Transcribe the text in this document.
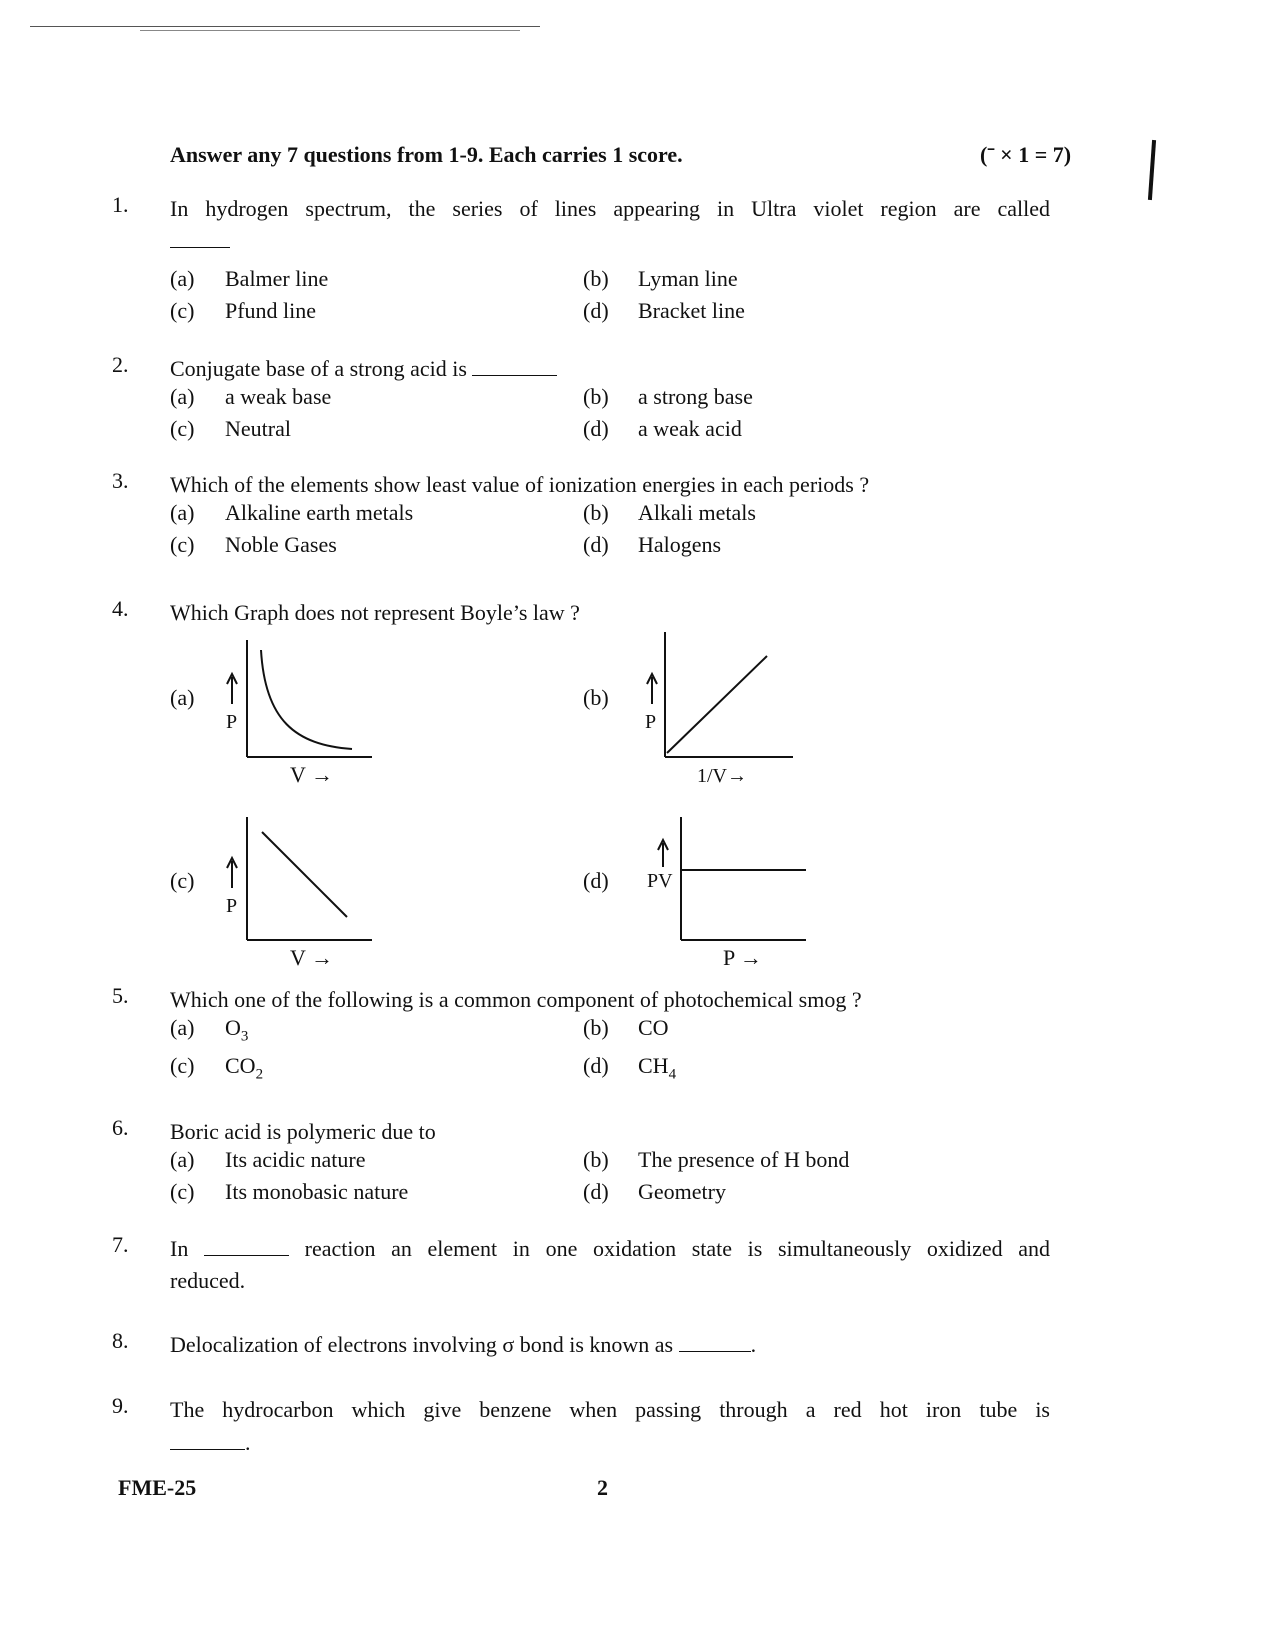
Answer any 7 questions from 1-9. Each carries 1 score.	(ˉ × 1 = 7)
1. In hydrogen spectrum, the series of lines appearing in Ultra violet region are called
(a) Balmer line	(b) Lyman line
(c) Pfund line	(d) Bracket line
2. Conjugate base of a strong acid is
(a) a weak base	(b) a strong base
(c) Neutral	(d) a weak acid
3. Which of the elements show least value of ionization energies in each periods ?
(a) Alkaline earth metals	(b) Alkali metals
(c) Noble Gases	(d) Halogens
4. Which Graph does not represent Boyle’s law ?
(a)	(b)
(c)	(d)
P
V →
P
1/V→
P
V →
PV
P →
5. Which one of the following is a common component of photochemical smog ?
(a) $O_3$	(b) CO
(c) $CO_2$	(d) $CH_4$
6. Boric acid is polymeric due to
(a) Its acidic nature	(b) The presence of H bond
(c) Its monobasic nature	(d) Geometry
7. In	reaction an element in one oxidation state is simultaneously oxidized and
reduced.
8. Delocalization of electrons involving σ bond is known as	.
9. The hydrocarbon which give benzene when passing through a red hot iron tube is
.
FME-25	2
